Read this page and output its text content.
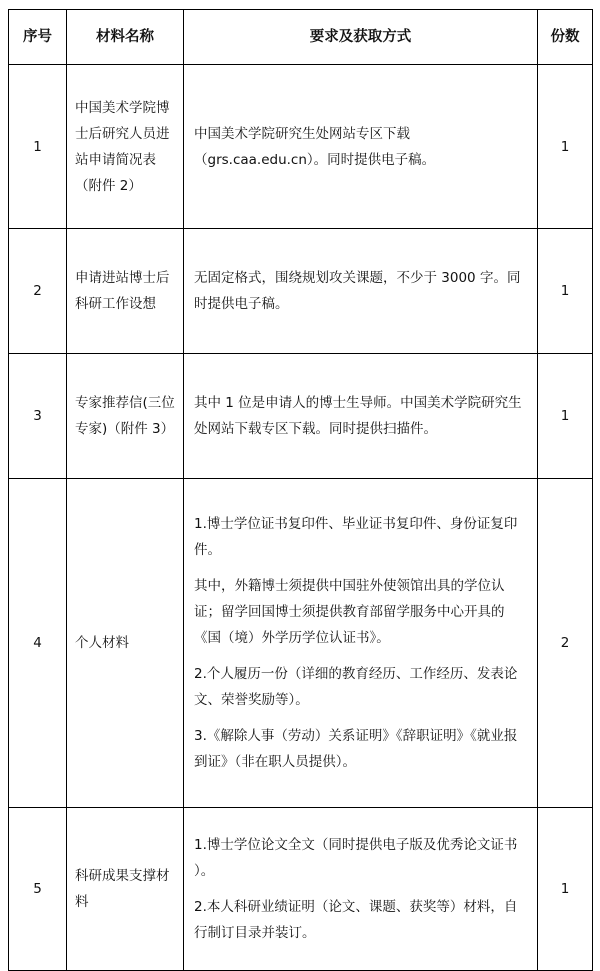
序号	材料名称	要求及获取方式	份数
1	中国美术学院博士后研究人员进站申请简况表（附件 2）	中国美术学院研究生处网站专区下载（grs.caa.edu.cn）。同时提供电子稿。	1
2	申请进站博士后科研工作设想	无固定格式，围绕规划攻关课题，不少于 3000 字。同时提供电子稿。	1
3	专家推荐信(三位专家)（附件 3）	其中 1 位是申请人的博士生导师。中国美术学院研究生处网站下载专区下载。同时提供扫描件。	1
4	个人材料	1.博士学位证书复印件、毕业证书复印件、身份证复印件。

其中，外籍博士须提供中国驻外使领馆出具的学位认证；留学回国博士须提供教育部留学服务中心开具的《国（境）外学历学位认证书》。

2.个人履历一份（详细的教育经历、工作经历、发表论文、荣誉奖励等）。

3.《解除人事（劳动）关系证明》《辞职证明》《就业报到证》（非在职人员提供）。	2
5	科研成果支撑材料	1.博士学位论文全文（同时提供电子版及优秀论文证书 ）。

2.本人科研业绩证明（论文、课题、获奖等）材料，自行制订目录并装订。	1
